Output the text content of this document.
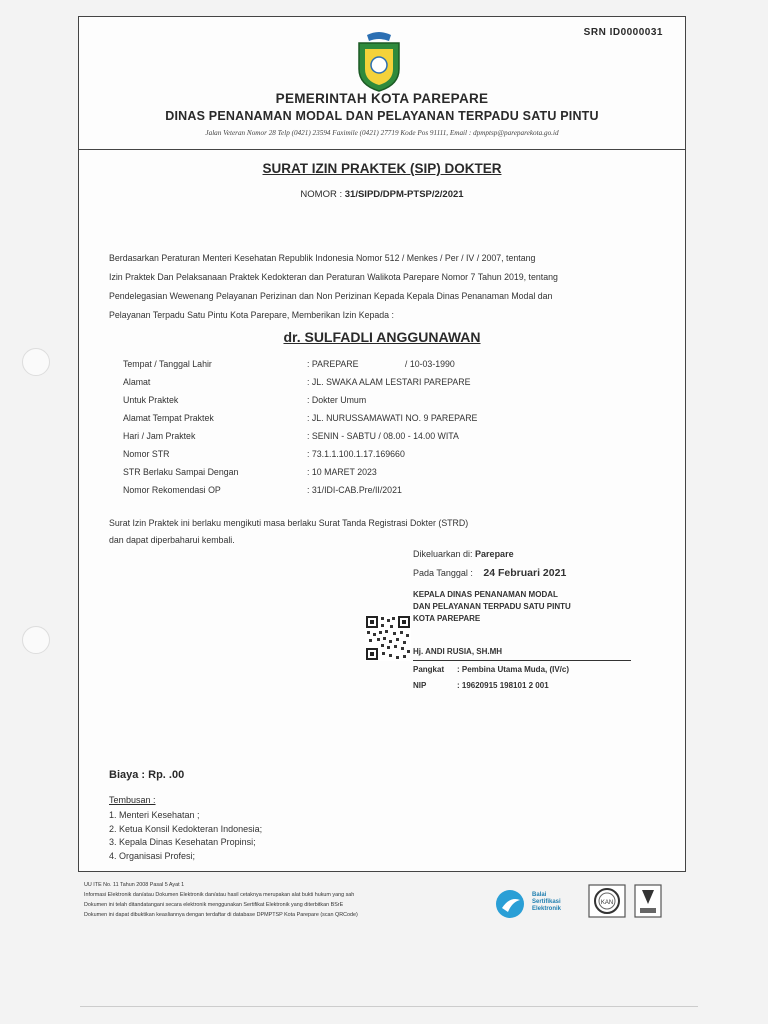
SRN ID0000031
PEMERINTAH KOTA PAREPARE
DINAS PENANAMAN MODAL DAN PELAYANAN TERPADU SATU PINTU
Jalan Veteran Nomor 28 Telp (0421) 23594 Faximile (0421) 27719 Kode Pos 91111, Email : dpmptsp@pareparekota.go.id
SURAT IZIN PRAKTEK (SIP) DOKTER
NOMOR : 31/SIPD/DPM-PTSP/2/2021
Berdasarkan Peraturan Menteri Kesehatan Republik Indonesia Nomor 512 / Menkes / Per / IV / 2007, tentang
Izin Praktek Dan Pelaksanaan Praktek Kedokteran dan Peraturan Walikota Parepare Nomor 7 Tahun 2019, tentang
Pendelegasian Wewenang Pelayanan Perizinan dan Non Perizinan Kepada Kepala Dinas Penanaman Modal dan
Pelayanan Terpadu Satu Pintu Kota Parepare, Memberikan Izin Kepada :
dr. SULFADLI ANGGUNAWAN
Tempat / Tanggal Lahir	: PAREPARE                   / 10-03-1990
Alamat	: JL. SWAKA ALAM LESTARI PAREPARE
Untuk Praktek	: Dokter Umum
Alamat Tempat Praktek	: JL. NURUSSAMAWATI NO. 9 PAREPARE
Hari / Jam Praktek	: SENIN - SABTU / 08.00 - 14.00 WITA
Nomor STR	: 73.1.1.100.1.17.169660
STR Berlaku Sampai Dengan	: 10 MARET 2023
Nomor Rekomendasi OP	: 31/IDI-CAB.Pre/II/2021
Surat Izin Praktek ini berlaku mengikuti masa berlaku Surat Tanda Registrasi Dokter (STRD)
dan dapat diperbaharui kembali.
Dikeluarkan di: Parepare
Pada Tanggal : 24 Februari 2021
KEPALA DINAS PENANAMAN MODAL
DAN PELAYANAN TERPADU SATU PINTU
KOTA PAREPARE
Hj. ANDI RUSIA, SH.MH
Pangkat : Pembina Utama Muda, (IV/c)
NIP	: 19620915 198101 2 001
Biaya : Rp. .00
Tembusan :
1. Menteri Kesehatan ;
2. Ketua Konsil Kedokteran Indonesia;
3. Kepala Dinas Kesehatan Propinsi;
4. Organisasi Profesi;
UU ITE No. 11 Tahun 2008 Pasal 5 Ayat 1
Informasi Elektronik dan/atau Dokumen Elektronik dan/atau hasil cetaknya merupakan alat bukti hukum yang sah
Dokumen ini telah ditandatangani secara elektronik menggunakan Sertifikat Elektronik yang diterbitkan BSrE
Dokumen ini dapat dibuktikan keasliannya dengan terdaftar di database DPMPTSP Kota Parepare (scan QRCode)
Balai
Sertifikasi
Elektronik
KAN
